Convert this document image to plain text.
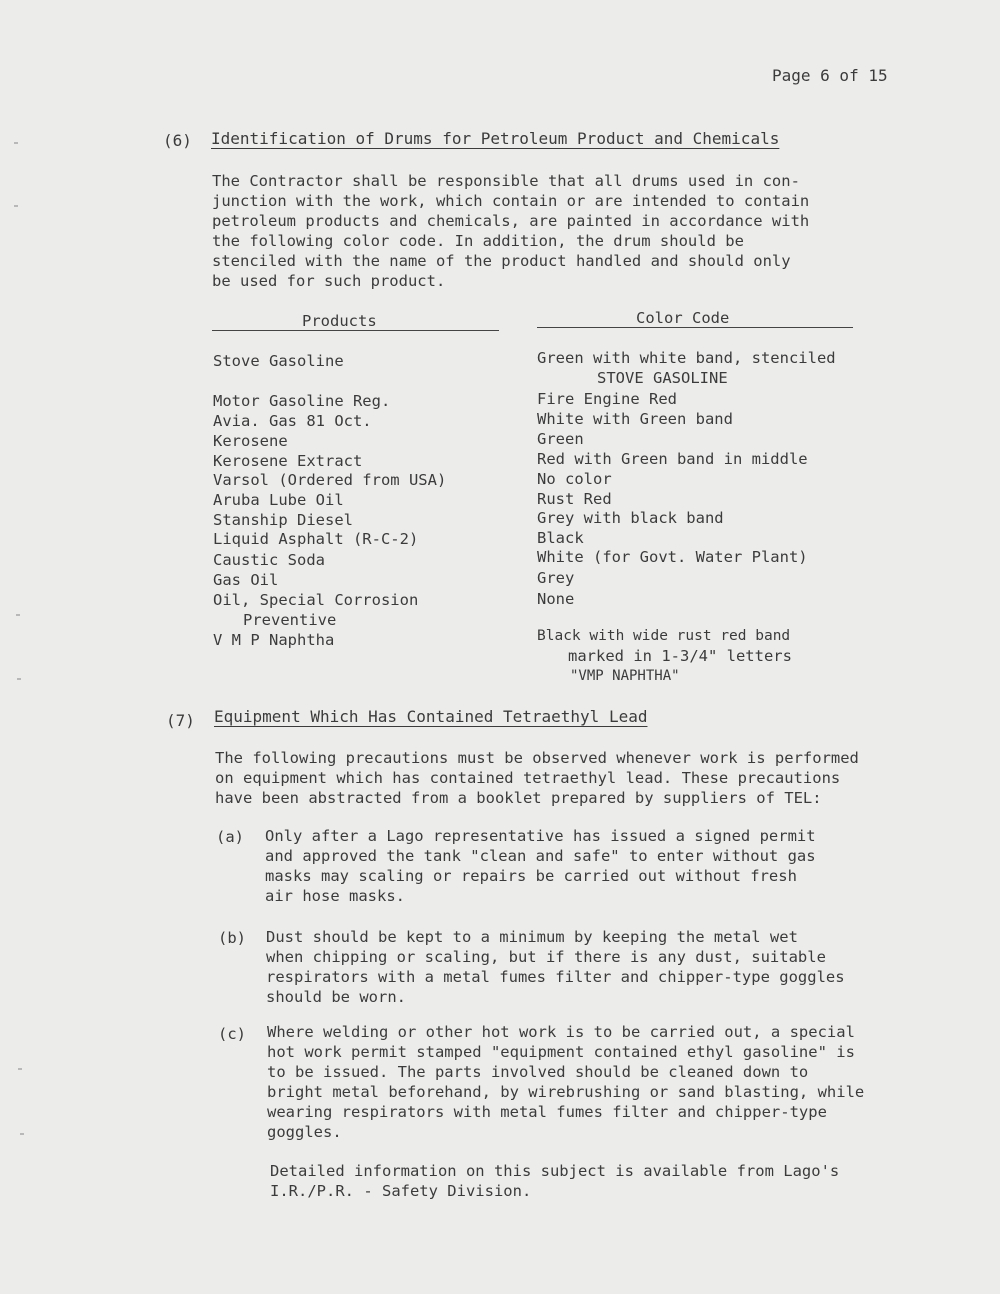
Page 6 of 15
(6) Identification of Drums for Petroleum Product and Chemicals
The Contractor shall be responsible that all drums used in con-
junction with the work, which contain or are intended to contain
petroleum products and chemicals, are painted in accordance with
the following color code. In addition, the drum should be
stenciled with the name of the product handled and should only
be used for such product.
Products	Color Code
Stove Gasoline
Motor Gasoline Reg.
Avia. Gas 81 Oct.
Kerosene
Kerosene Extract
Varsol (Ordered from USA)
Aruba Lube Oil
Stanship Diesel
Liquid Asphalt (R-C-2)
Caustic Soda
Gas Oil
Oil, Special Corrosion
Preventive
V M P Naphtha
Green with white band, stenciled
STOVE GASOLINE
Fire Engine Red
White with Green band
Green
Red with Green band in middle
No color
Rust Red
Grey with black band
Black
White (for Govt. Water Plant)
Grey
None
Black with wide rust red band
marked in 1-3/4" letters
"VMP NAPHTHA"
(7) Equipment Which Has Contained Tetraethyl Lead
The following precautions must be observed whenever work is performed
on equipment which has contained tetraethyl lead. These precautions
have been abstracted from a booklet prepared by suppliers of TEL:
(a) Only after a Lago representative has issued a signed permit
and approved the tank "clean and safe" to enter without gas
masks may scaling or repairs be carried out without fresh
air hose masks.
(b) Dust should be kept to a minimum by keeping the metal wet
when chipping or scaling, but if there is any dust, suitable
respirators with a metal fumes filter and chipper-type goggles
should be worn.
(c) Where welding or other hot work is to be carried out, a special
hot work permit stamped "equipment contained ethyl gasoline" is
to be issued. The parts involved should be cleaned down to
bright metal beforehand, by wirebrushing or sand blasting, while
wearing respirators with metal fumes filter and chipper-type
goggles.
Detailed information on this subject is available from Lago's
I.R./P.R. - Safety Division.
